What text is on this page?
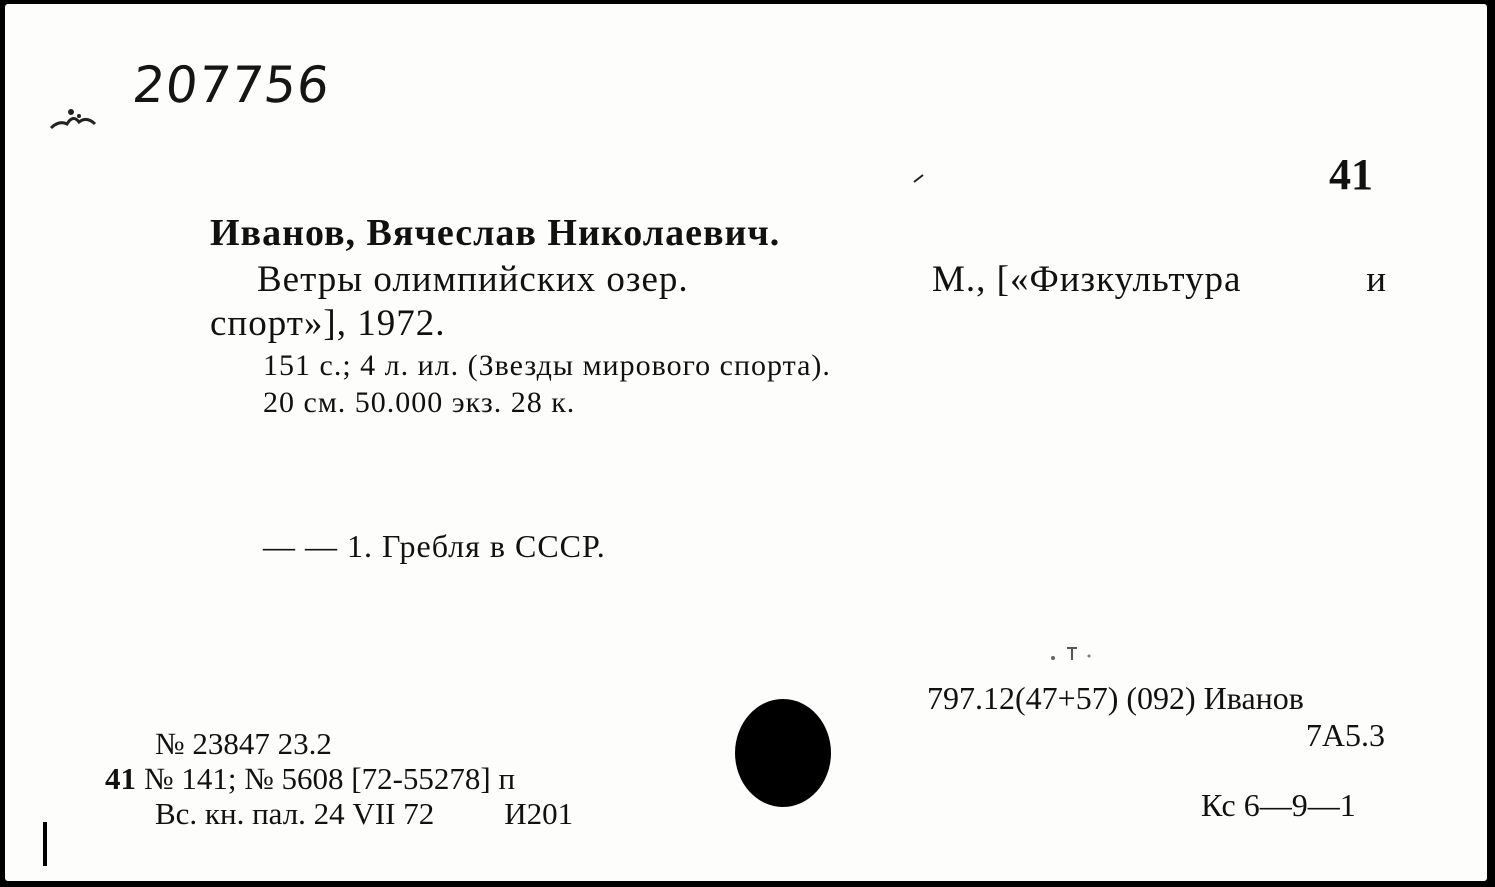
207756
41
Иванов, Вячеслав Николаевич.
Ветры олимпийских озер.	М., [«Физкультура	и
спорт»], 1972.
151 с.; 4 л. ил. (Звезды мирового спорта).
20 см. 50.000 экз. 28 к.
— — 1. Гребля в СССР.
797.12(47+57) (092) Иванов
7А5.3
Кс 6—9—1
№ 23847 23.2
41 № 141; № 5608 [72-55278] п
Вс. кн. пал. 24 VII 72 И201
